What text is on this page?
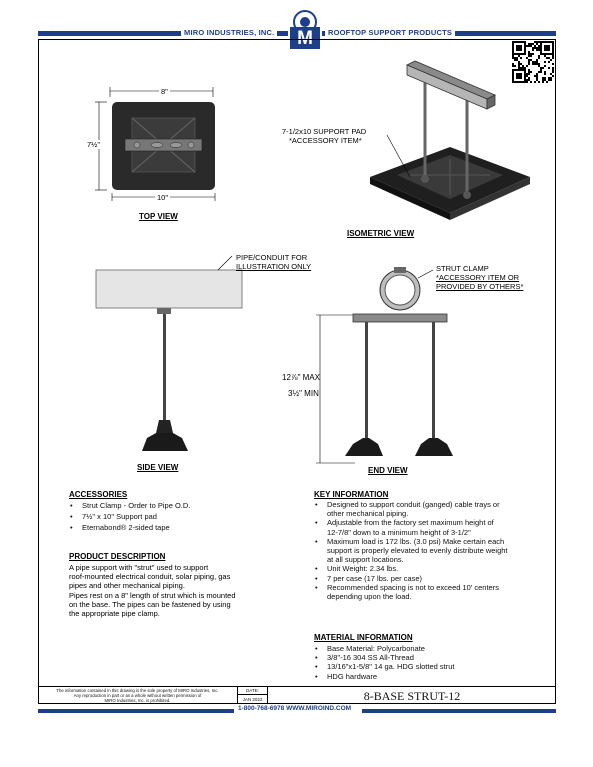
MIRO INDUSTRIES, INC.	ROOFTOP SUPPORT PRODUCTS
M
8"
7½"
10"
TOP VIEW
7-1/2x10 SUPPORT PAD
*ACCESSORY ITEM*
ISOMETRIC VIEW
PIPE/CONDUIT FOR
ILLUSTRATION ONLY
SIDE VIEW
STRUT CLAMP
*ACCESSORY ITEM OR
PROVIDED BY OTHERS*
12⅞" MAX
3½" MIN
END VIEW
ACCESSORIES
• Strut Clamp - Order to Pipe O.D.
• 7½" x 10" Support pad
• Eternabond® 2-sided tape
PRODUCT DESCRIPTION
A pipe support with "strut" used to support
roof-mounted electrical conduit, solar piping, gas
pipes and other mechanical piping.
Pipes rest on a 8" length of strut which is mounted
on the base. The pipes can be fastened by using
the appropriate pipe clamp.
KEY INFORMATION
• Designed to support conduit (ganged) cable trays or
other mechanical piping.
• Adjustable from the factory set maximum height of
12-7/8" down to a minimum height of 3-1/2"
• Maximum load is 172 lbs. (3.0 psi) Make certain each
support is properly elevated to evenly distribute weight
at all support locations.
• Unit Weight: 2.34 lbs.
• 7 per case (17 lbs. per case)
• Recommended spacing is not to exceed 10' centers
depending upon the load.
MATERIAL INFORMATION
• Base Material: Polycarbonate
• 3/8"-16 304 SS All-Thread
• 13/16"x1-5/8" 14 ga. HDG slotted strut
• HDG hardware
The information contained in this drawing is the sole property of MIRO Industries, Inc.
Any reproduction in part or as a whole without written permission of
MIRO Industries, Inc. is prohibited.
DATE:
JAN 2022	8-BASE STRUT-12
1-800-768-6978 WWW.MIROIND.COM
